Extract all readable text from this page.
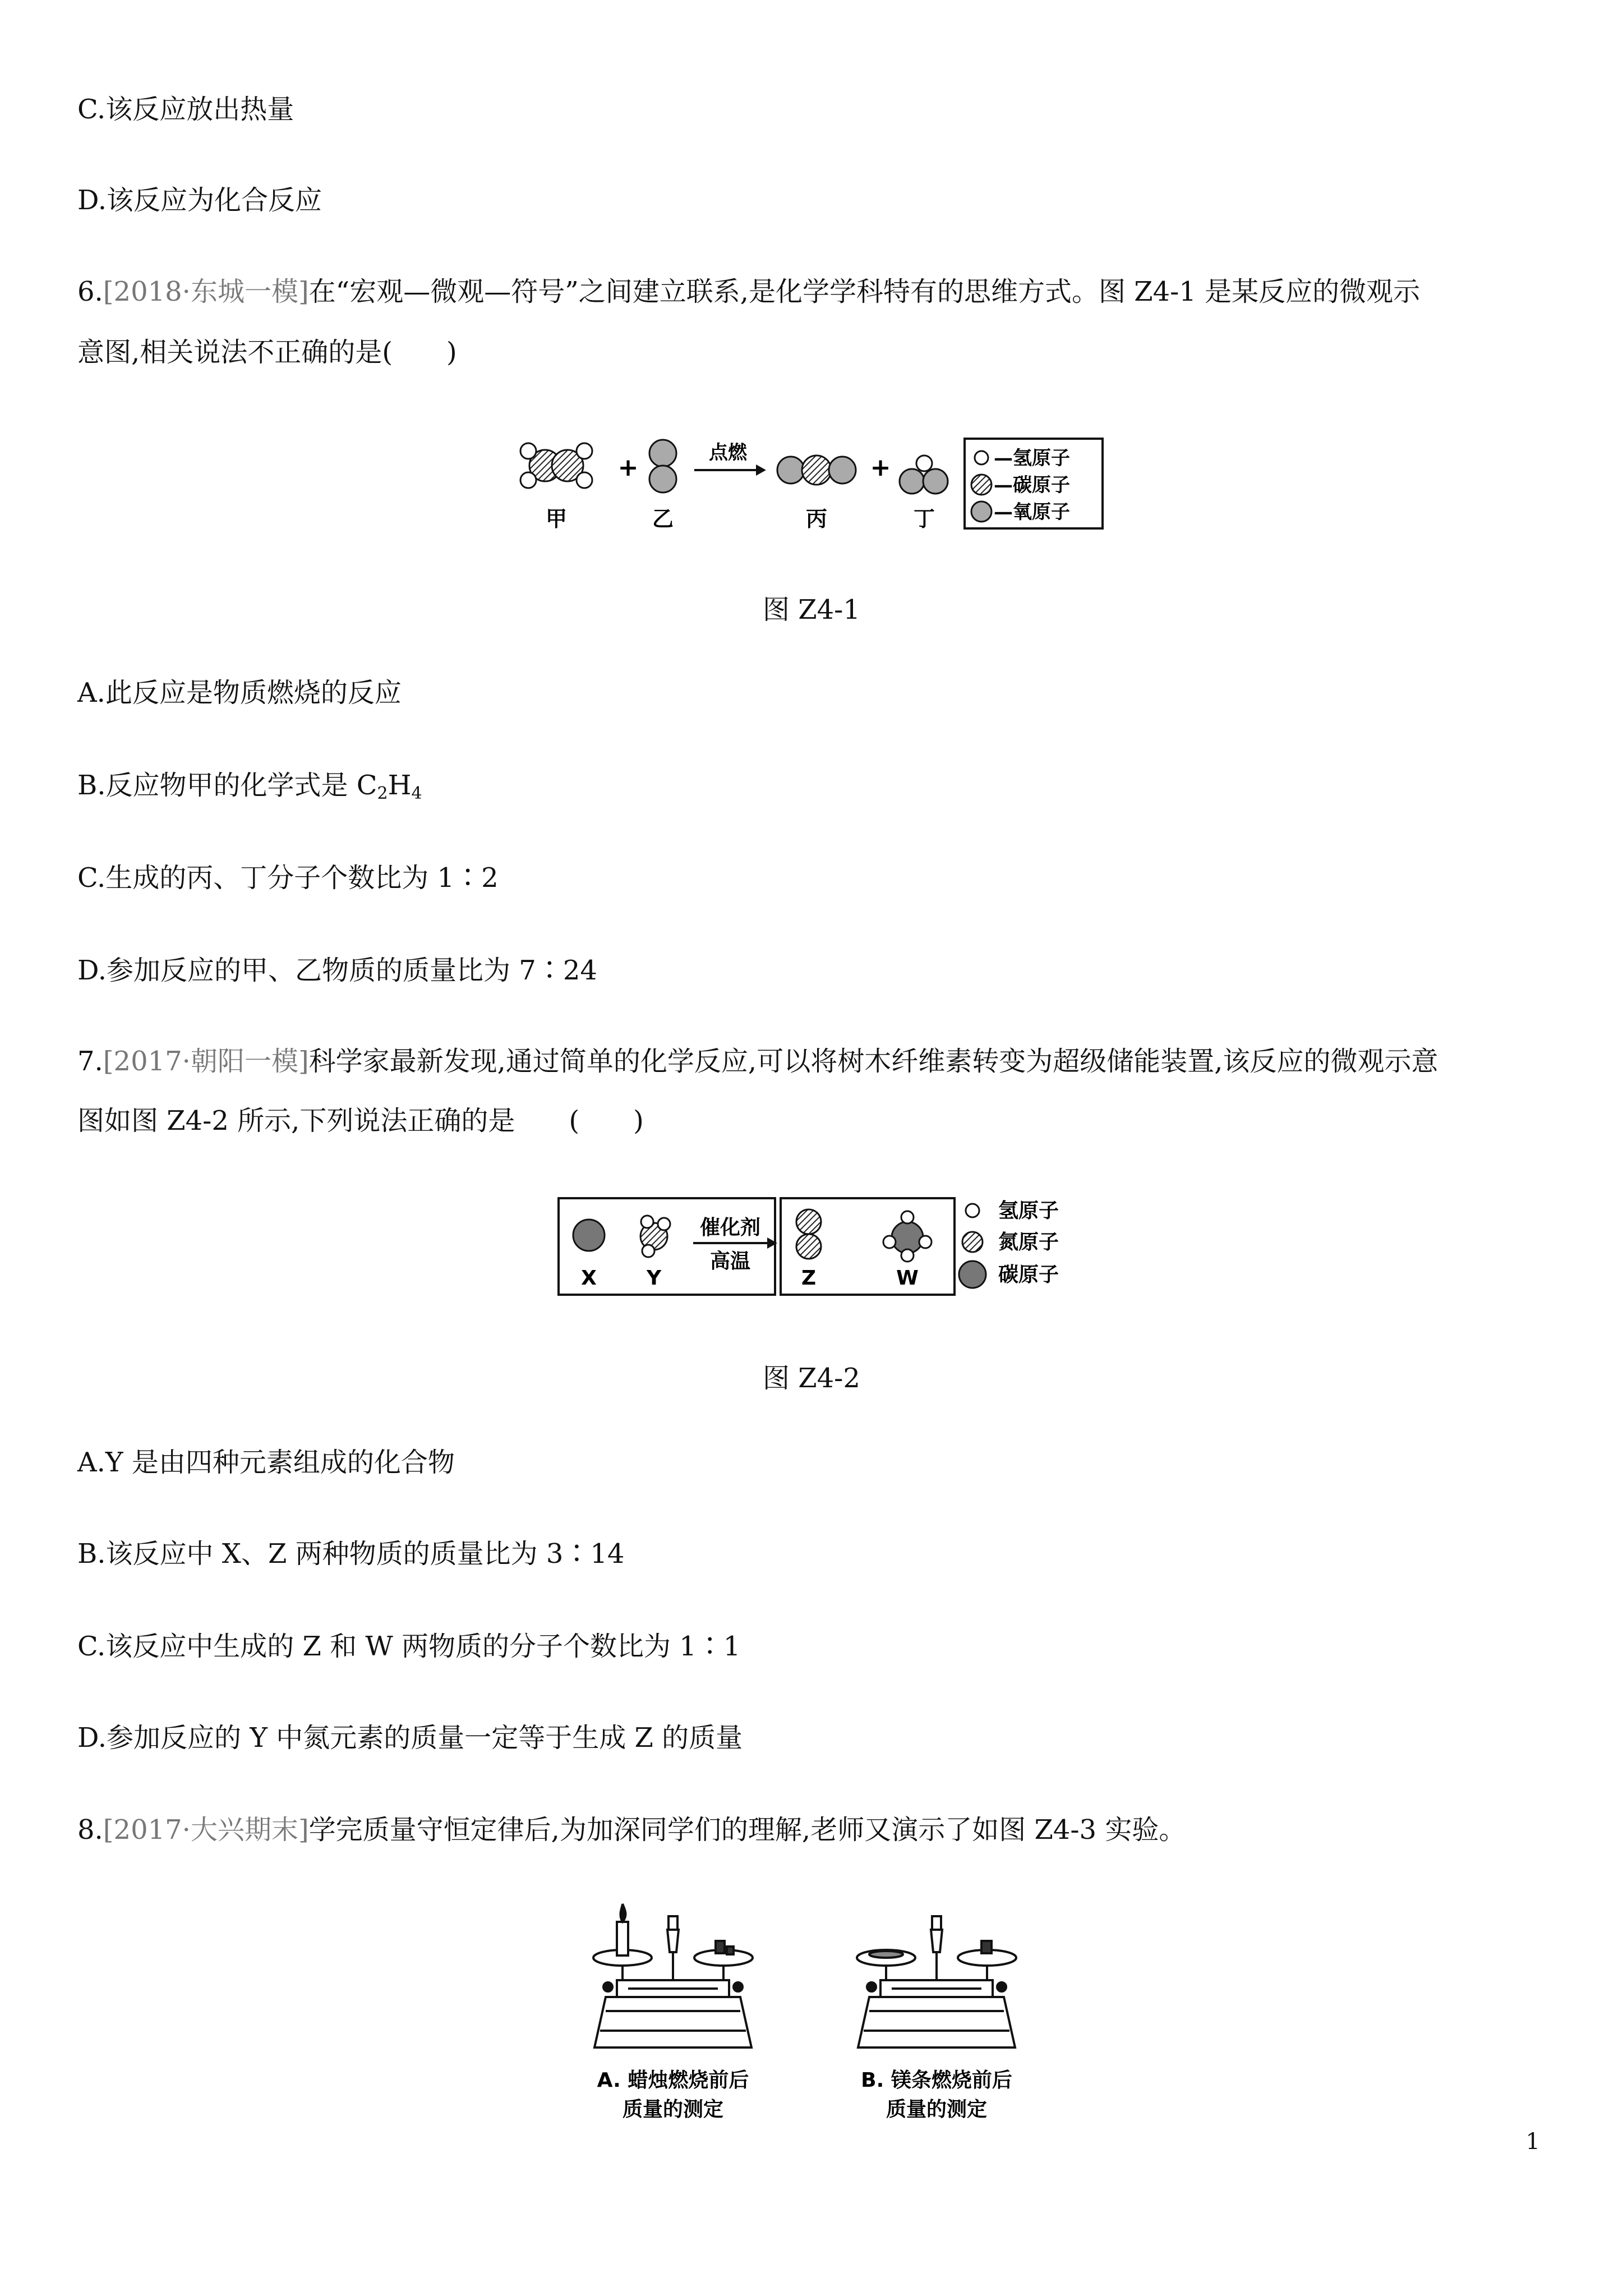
C.该反应放出热量
D.该反应为化合反应
6.[2018·东城一模]在“宏观—微观—符号”之间建立联系,是化学学科特有的思维方式。图 Z4-1 是某反应的微观示
意图,相关说法不正确的是(　　)
甲
+
乙
点燃
丙
+
丁
—氢原子
—碳原子
—氧原子
图 Z4-1
A.此反应是物质燃烧的反应
B.反应物甲的化学式是 $C_2H_4$
C.生成的丙、丁分子个数比为 1∶2
D.参加反应的甲、乙物质的质量比为 7∶24
7.[2017·朝阳一模]科学家最新发现,通过简单的化学反应,可以将树木纤维素转变为超级储能装置,该反应的微观示意
图如图 Z4-2 所示,下列说法正确的是　　(　　)
X Y
催化剂
高温
Z	W
氢原子
氮原子
碳原子
图 Z4-2
A.Y 是由四种元素组成的化合物
B.该反应中 X、Z 两种物质的质量比为 3∶14
C.该反应中生成的 Z 和 W 两物质的分子个数比为 1∶1
D.参加反应的 Y 中氮元素的质量一定等于生成 Z 的质量
8.[2017·大兴期末]学完质量守恒定律后,为加深同学们的理解,老师又演示了如图 Z4-3 实验。
A. 蜡烛燃烧前后
质量的测定
B. 镁条燃烧前后
质量的测定
1
